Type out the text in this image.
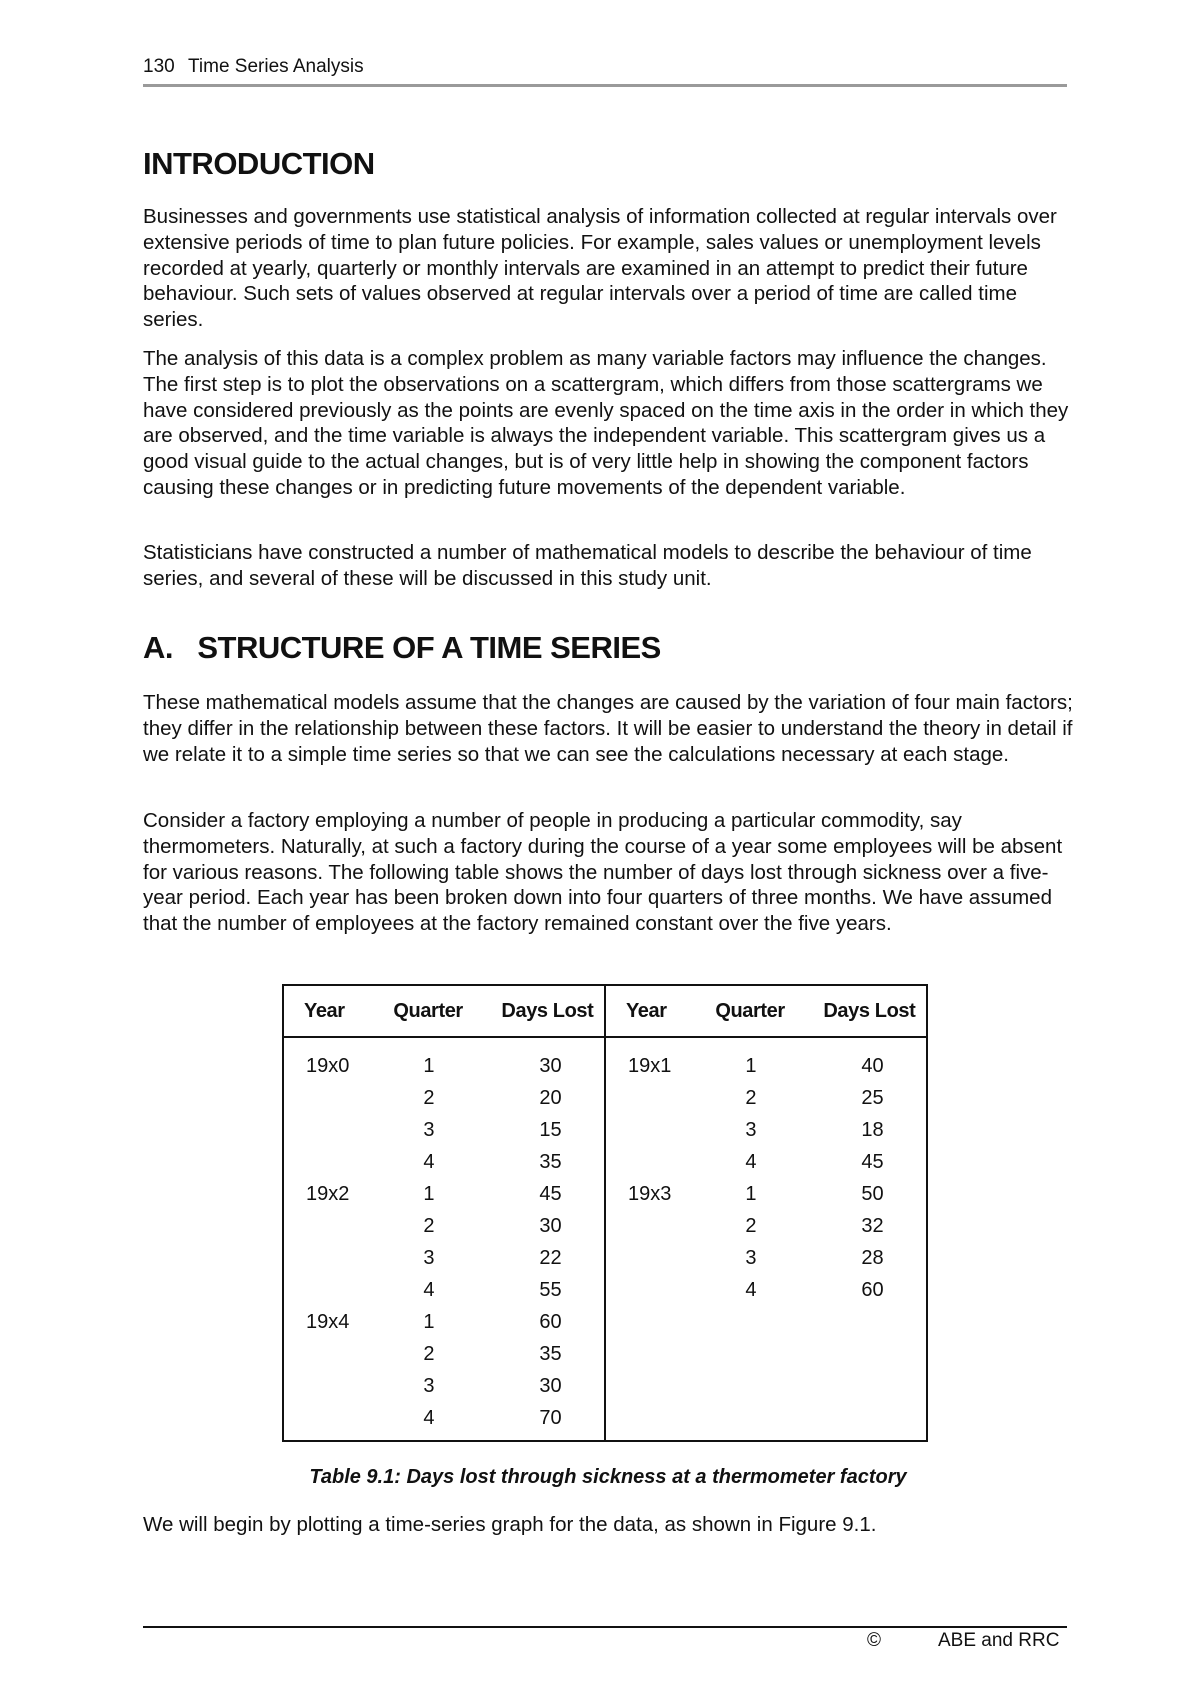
130 Time Series Analysis
INTRODUCTION

Businesses and governments use statistical analysis of information collected at regular intervals over extensive periods of time to plan future policies. For example, sales values or unemployment levels recorded at yearly, quarterly or monthly intervals are examined in an attempt to predict their future behaviour. Such sets of values observed at regular intervals over a period of time are called time series.

The analysis of this data is a complex problem as many variable factors may influence the changes. The first step is to plot the observations on a scattergram, which differs from those scattergrams we have considered previously as the points are evenly spaced on the time axis in the order in which they are observed, and the time variable is always the independent variable. This scattergram gives us a good visual guide to the actual changes, but is of very little help in showing the component factors causing these changes or in predicting future movements of the dependent variable.

Statisticians have constructed a number of mathematical models to describe the behaviour of time series, and several of these will be discussed in this study unit.

A.   STRUCTURE OF A TIME SERIES

These mathematical models assume that the changes are caused by the variation of four main factors; they differ in the relationship between these factors. It will be easier to understand the theory in detail if we relate it to a simple time series so that we can see the calculations necessary at each stage.

Consider a factory employing a number of people in producing a particular commodity, say thermometers. Naturally, at such a factory during the course of a year some employees will be absent for various reasons. The following table shows the number of days lost through sickness over a five-year period. Each year has been broken down into four quarters of three months. We have assumed that the number of employees at the factory remained constant over the five years.

Year	Quarter	Days Lost	Year	Quarter	Days Lost
19x0	1	30	19x1	1	40
	2	20		2	25
	3	15		3	18
	4	35		4	45
19x2	1	45	19x3	1	50
	2	30		2	32
	3	22		3	28
	4	55		4	60
19x4	1	60			
	2	35			
	3	30			
	4	70			

Table 9.1: Days lost through sickness at a thermometer factory

We will begin by plotting a time-series graph for the data, as shown in Figure 9.1.

©	ABE and RRC
